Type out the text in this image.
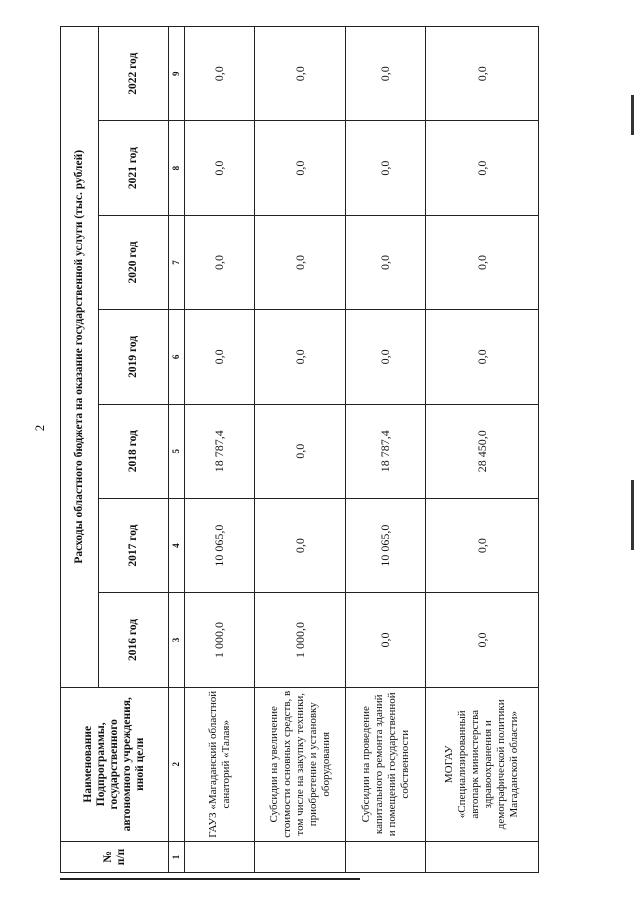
2
№ п/п	Наименование Подпрограммы, государственного автономного учреждения, иной цели	Расходы областного бюджета на оказание государственной услуги (тыс. рублей)						
		2016 год	2017 год	2018 год	2019 год	2020 год	2021 год	2022 год
1	2	3	4	5	6	7	8	9
	ГАУЗ «Магаданский областной санаторий «Талая»	1 000,0	10 065,0	18 787,4	0,0	0,0	0,0	0,0
	Субсидии на увеличение стоимости основных средств, в том числе на закупку техники, приобретение и установку оборудования	1 000,0	0,0	0,0	0,0	0,0	0,0	0,0
	Субсидии на проведение капитального ремонта зданий и помещений государственной собственности	0,0	10 065,0	18 787,4	0,0	0,0	0,0	0,0
	МОГАУ «Специализированный автопарк министерства здравоохранения и демографической политики Магаданской области»	0,0	0,0	28 450,0	0,0	0,0	0,0	0,0
